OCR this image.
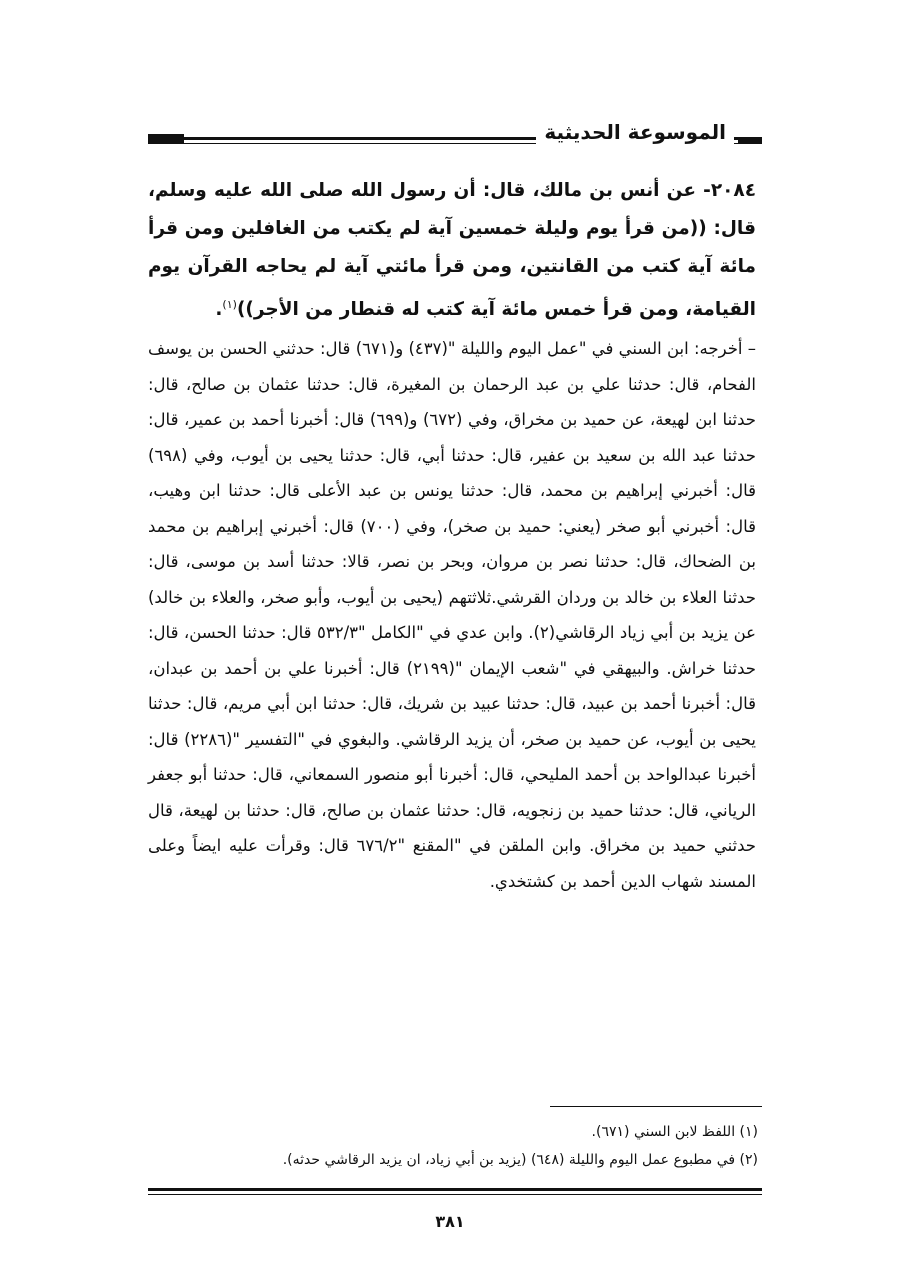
الموسوعة الحديثية

٢٠٨٤- عن أنس بن مالك، قال: أن رسول الله صلى الله عليه وسلم، قال: ((من قرأ يوم وليلة خمسين آية لم يكتب من الغافلين ومن قرأ مائة آية كتب من القانتين، ومن قرأ مائتي آية لم يحاجه القرآن يوم القيامة، ومن قرأ خمس مائة آية كتب له قنطار من الأجر))$^{(١)}$.

– أخرجه: ابن السني في "عمل اليوم والليلة "(٤٣٧) و(٦٧١) قال: حدثني الحسن بن يوسف الفحام، قال: حدثنا علي بن عبد الرحمان بن المغيرة، قال: حدثنا عثمان بن صالح، قال: حدثنا ابن لهيعة، عن حميد بن مخراق، وفي (٦٧٢) و(٦٩٩) قال: أخبرنا أحمد بن عمير، قال: حدثنا عبد الله بن سعيد بن عفير، قال: حدثنا أبي، قال: حدثنا يحيى بن أيوب، وفي (٦٩٨) قال: أخبرني إبراهيم بن محمد، قال: حدثنا يونس بن عبد الأعلى قال: حدثنا ابن وهيب، قال: أخبرني أبو صخر (يعني: حميد بن صخر)، وفي (٧٠٠) قال: أخبرني إبراهيم بن محمد بن الضحاك، قال: حدثنا نصر بن مروان، وبحر بن نصر، قالا: حدثنا أسد بن موسى، قال: حدثنا العلاء بن خالد بن وردان القرشي.ثلاثتهم (يحيى بن أيوب، وأبو صخر، والعلاء بن خالد) عن يزيد بن أبي زياد الرقاشي(٢). وابن عدي في "الكامل "٥٣٢/٣ قال: حدثنا الحسن، قال: حدثنا خراش. والبيهقي في "شعب الإيمان "(٢١٩٩) قال: أخبرنا علي بن أحمد بن عبدان، قال: أخبرنا أحمد بن عبيد، قال: حدثنا عبيد بن شريك، قال: حدثنا ابن أبي مريم، قال: حدثنا يحيى بن أيوب، عن حميد بن صخر، أن يزيد الرقاشي. والبغوي في "التفسير "(٢٢٨٦) قال: أخبرنا عبدالواحد بن أحمد المليحي، قال: أخبرنا أبو منصور السمعاني، قال: حدثنا أبو جعفر الرياني، قال: حدثنا حميد بن زنجويه، قال: حدثنا عثمان بن صالح، قال: حدثنا بن لهيعة، قال حدثني حميد بن مخراق. وابن الملقن في "المقنع "٦٧٦/٢ قال: وقرأت عليه ايضاً وعلى المسند شهاب الدين أحمد بن كشتخدي.

(١) اللفظ لابن السني (٦٧١).
(٢) في مطبوع عمل اليوم والليلة (٦٤٨) (يزيد بن أبي زياد، ان يزيد الرقاشي حدثه).
٣٨١
